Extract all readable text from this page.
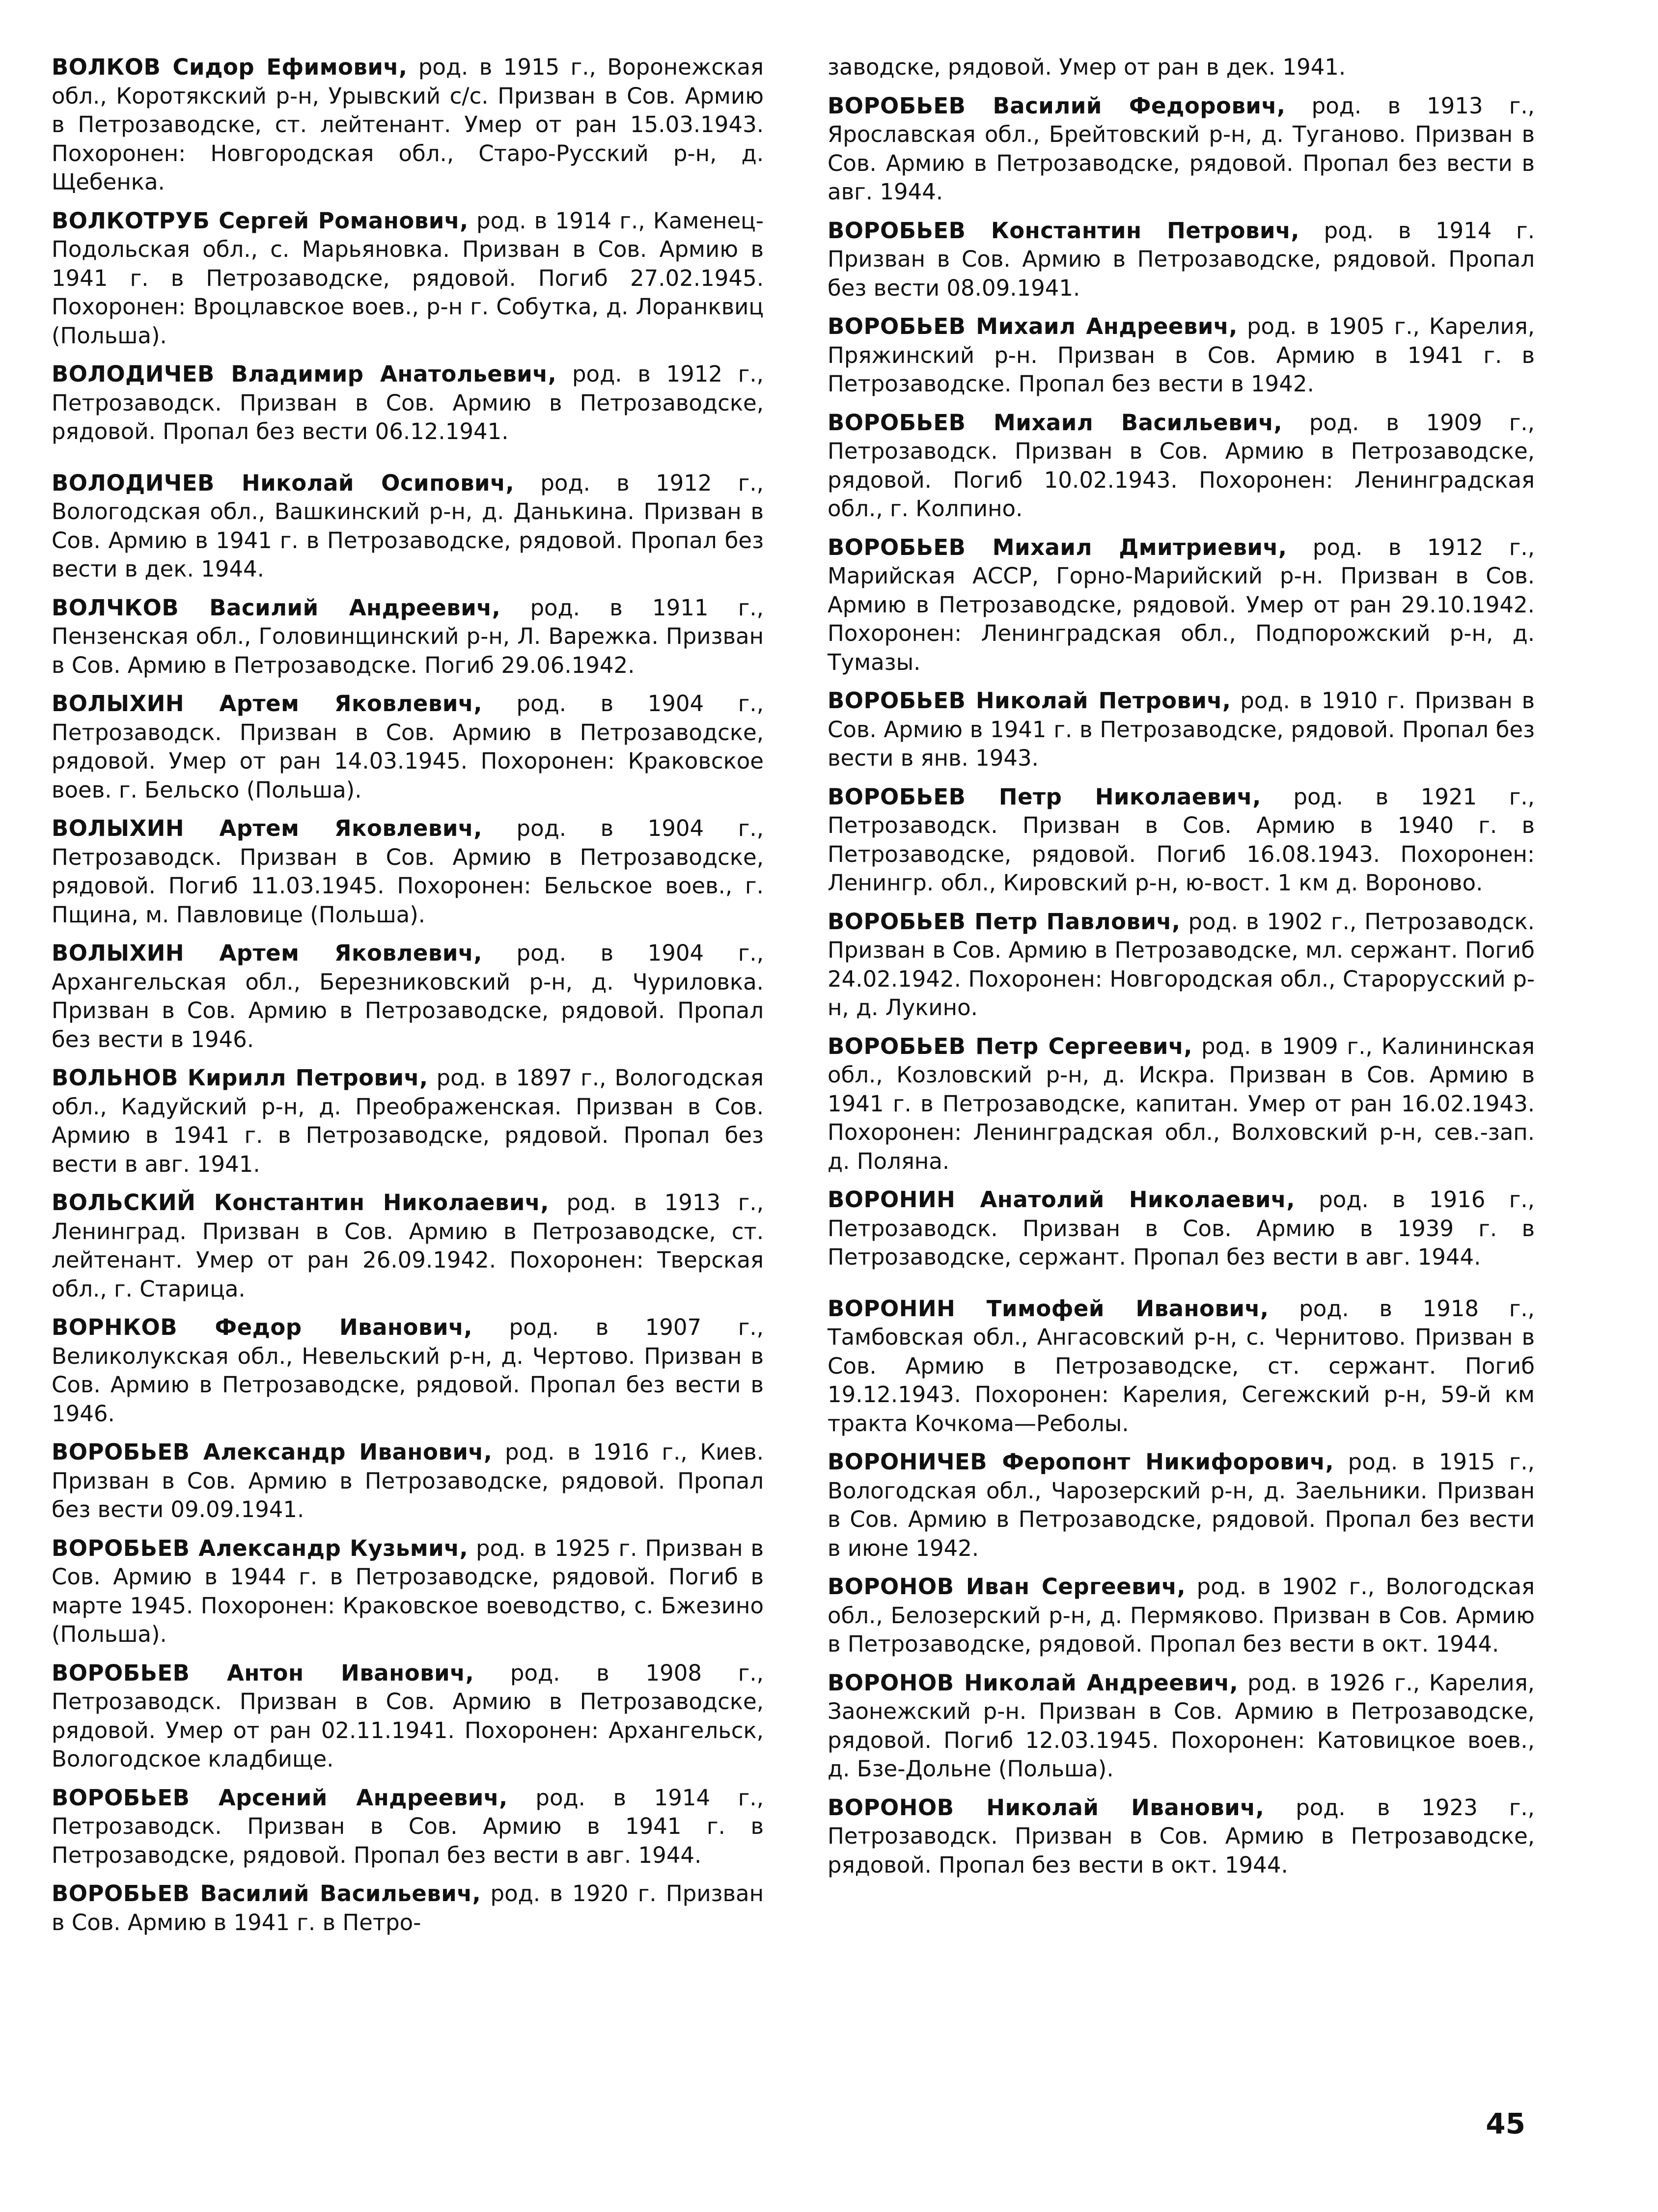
ВОЛКОВ Сидор Ефимович, род. в 1915 г., Воронежская обл., Коротякский р-н, Урывский с/с. Призван в Сов. Армию в Петрозаводске, ст. лейтенант. Умер от ран 15.03.1943. Похоронен: Новгородская обл., Старо-Русский р-н, д. Щебенка.

ВОЛКОТРУБ Сергей Романович, род. в 1914 г., Каменец-Подольская обл., с. Марьяновка. Призван в Сов. Армию в 1941 г. в Петрозаводске, рядовой. Погиб 27.02.1945. Похоронен: Вроцлавское воев., р-н г. Собутка, д. Лоранквиц (Польша).

ВОЛОДИЧЕВ Владимир Анатольевич, род. в 1912 г., Петрозаводск. Призван в Сов. Армию в Петрозаводске, рядовой. Пропал без вести 06.12.1941.

ВОЛОДИЧЕВ Николай Осипович, род. в 1912 г., Вологодская обл., Вашкинский р-н, д. Данькина. Призван в Сов. Армию в 1941 г. в Петрозаводске, рядовой. Пропал без вести в дек. 1944.

ВОЛЧКОВ Василий Андреевич, род. в 1911 г., Пензенская обл., Головинщинский р-н, Л. Варежка. Призван в Сов. Армию в Петрозаводске. Погиб 29.06.1942.

ВОЛЫХИН Артем Яковлевич, род. в 1904 г., Петрозаводск. Призван в Сов. Армию в Петрозаводске, рядовой. Умер от ран 14.03.1945. Похоронен: Краковское воев. г. Бельско (Польша).

ВОЛЫХИН Артем Яковлевич, род. в 1904 г., Петрозаводск. Призван в Сов. Армию в Петрозаводске, рядовой. Погиб 11.03.1945. Похоронен: Бельское воев., г. Пщина, м. Павловице (Польша).

ВОЛЫХИН Артем Яковлевич, род. в 1904 г., Архангельская обл., Березниковский р-н, д. Чуриловка. Призван в Сов. Армию в Петрозаводске, рядовой. Пропал без вести в 1946.

ВОЛЬНОВ Кирилл Петрович, род. в 1897 г., Вологодская обл., Кадуйский р-н, д. Преображенская. Призван в Сов. Армию в 1941 г. в Петрозаводске, рядовой. Пропал без вести в авг. 1941.

ВОЛЬСКИЙ Константин Николаевич, род. в 1913 г., Ленинград. Призван в Сов. Армию в Петрозаводске, ст. лейтенант. Умер от ран 26.09.1942. Похоронен: Тверская обл., г. Старица.

ВОРНКОВ Федор Иванович, род. в 1907 г., Великолукская обл., Невельский р-н, д. Чертово. Призван в Сов. Армию в Петрозаводске, рядовой. Пропал без вести в 1946.

ВОРОБЬЕВ Александр Иванович, род. в 1916 г., Киев. Призван в Сов. Армию в Петрозаводске, рядовой. Пропал без вести 09.09.1941.

ВОРОБЬЕВ Александр Кузьмич, род. в 1925 г. Призван в Сов. Армию в 1944 г. в Петрозаводске, рядовой. Погиб в марте 1945. Похоронен: Краковское воеводство, с. Бжезино (Польша).

ВОРОБЬЕВ Антон Иванович, род. в 1908 г., Петрозаводск. Призван в Сов. Армию в Петрозаводске, рядовой. Умер от ран 02.11.1941. Похоронен: Архангельск, Вологодское кладбище.

ВОРОБЬЕВ Арсений Андреевич, род. в 1914 г., Петрозаводск. Призван в Сов. Армию в 1941 г. в Петрозаводске, рядовой. Пропал без вести в авг. 1944.

ВОРОБЬЕВ Василий Васильевич, род. в 1920 г. Призван в Сов. Армию в 1941 г. в Петро-

заводске, рядовой. Умер от ран в дек. 1941.

ВОРОБЬЕВ Василий Федорович, род. в 1913 г., Ярославская обл., Брейтовский р-н, д. Туганово. Призван в Сов. Армию в Петрозаводске, рядовой. Пропал без вести в авг. 1944.

ВОРОБЬЕВ Константин Петрович, род. в 1914 г. Призван в Сов. Армию в Петрозаводске, рядовой. Пропал без вести 08.09.1941.

ВОРОБЬЕВ Михаил Андреевич, род. в 1905 г., Карелия, Пряжинский р-н. Призван в Сов. Армию в 1941 г. в Петрозаводске. Пропал без вести в 1942.

ВОРОБЬЕВ Михаил Васильевич, род. в 1909 г., Петрозаводск. Призван в Сов. Армию в Петрозаводске, рядовой. Погиб 10.02.1943. Похоронен: Ленинградская обл., г. Колпино.

ВОРОБЬЕВ Михаил Дмитриевич, род. в 1912 г., Марийская АССР, Горно-Марийский р-н. Призван в Сов. Армию в Петрозаводске, рядовой. Умер от ран 29.10.1942. Похоронен: Ленинградская обл., Подпорожский р-н, д. Тумазы.

ВОРОБЬЕВ Николай Петрович, род. в 1910 г. Призван в Сов. Армию в 1941 г. в Петрозаводске, рядовой. Пропал без вести в янв. 1943.

ВОРОБЬЕВ Петр Николаевич, род. в 1921 г., Петрозаводск. Призван в Сов. Армию в 1940 г. в Петрозаводске, рядовой. Погиб 16.08.1943. Похоронен: Ленингр. обл., Кировский р-н, ю-вост. 1 км д. Вороново.

ВОРОБЬЕВ Петр Павлович, род. в 1902 г., Петрозаводск. Призван в Сов. Армию в Петрозаводске, мл. сержант. Погиб 24.02.1942. Похоронен: Новгородская обл., Старорусский р-н, д. Лукино.

ВОРОБЬЕВ Петр Сергеевич, род. в 1909 г., Калининская обл., Козловский р-н, д. Искра. Призван в Сов. Армию в 1941 г. в Петрозаводске, капитан. Умер от ран 16.02.1943. Похоронен: Ленинградская обл., Волховский р-н, сев.-зап. д. Поляна.

ВОРОНИН Анатолий Николаевич, род. в 1916 г., Петрозаводск. Призван в Сов. Армию в 1939 г. в Петрозаводске, сержант. Пропал без вести в авг. 1944.

ВОРОНИН Тимофей Иванович, род. в 1918 г., Тамбовская обл., Ангасовский р-н, с. Чернитово. Призван в Сов. Армию в Петрозаводске, ст. сержант. Погиб 19.12.1943. Похоронен: Карелия, Сегежский р-н, 59-й км тракта Кочкома—Реболы.

ВОРОНИЧЕВ Феропонт Никифорович, род. в 1915 г., Вологодская обл., Чарозерский р-н, д. Заельники. Призван в Сов. Армию в Петрозаводске, рядовой. Пропал без вести в июне 1942.

ВОРОНОВ Иван Сергеевич, род. в 1902 г., Вологодская обл., Белозерский р-н, д. Пермяково. Призван в Сов. Армию в Петрозаводске, рядовой. Пропал без вести в окт. 1944.

ВОРОНОВ Николай Андреевич, род. в 1926 г., Карелия, Заонежский р-н. Призван в Сов. Армию в Петрозаводске, рядовой. Погиб 12.03.1945. Похоронен: Катовицкое воев., д. Бзе-Дольне (Польша).

ВОРОНОВ Николай Иванович, род. в 1923 г., Петрозаводск. Призван в Сов. Армию в Петрозаводске, рядовой. Пропал без вести в окт. 1944.

45
